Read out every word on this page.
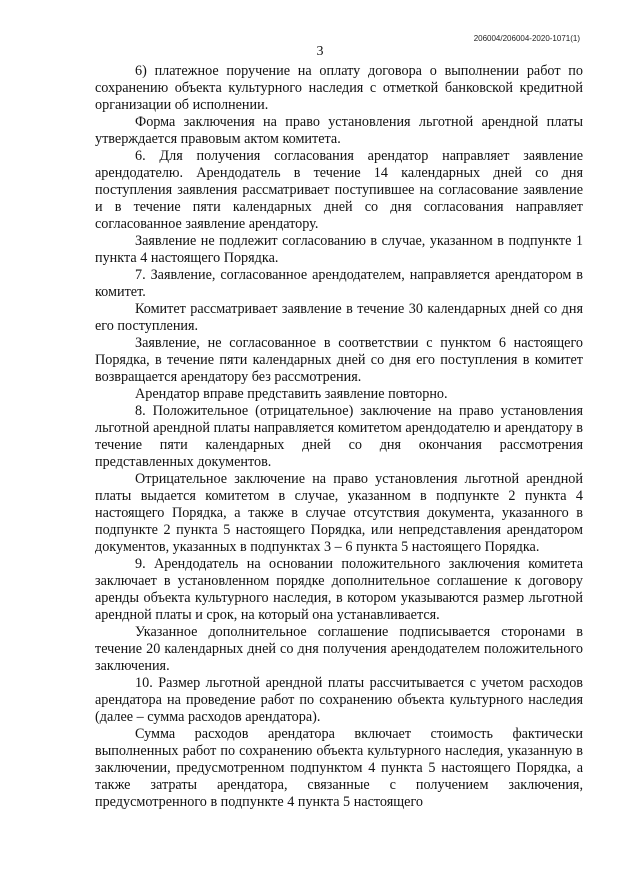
206004/206004-2020-1071(1)
3

6) платежное поручение на оплату договора о выполнении работ по сохранению объекта культурного наследия с отметкой банковской кредитной организации об исполнении.

Форма заключения на право установления льготной арендной платы утверждается правовым актом комитета.

6. Для получения согласования арендатор направляет заявление арендодателю. Арендодатель в течение 14 календарных дней со дня поступления заявления рассматривает поступившее на согласование заявление и в течение пяти календарных дней со дня согласования направляет согласованное заявление арендатору.

Заявление не подлежит согласованию в случае, указанном в подпункте 1 пункта 4 настоящего Порядка.

7. Заявление, согласованное арендодателем, направляется арендатором в комитет.

Комитет рассматривает заявление в течение 30 календарных дней со дня его поступления.

Заявление, не согласованное в соответствии с пунктом 6 настоящего Порядка, в течение пяти календарных дней со дня его поступления в комитет возвращается арендатору без рассмотрения.

Арендатор вправе представить заявление повторно.

8. Положительное (отрицательное) заключение на право установления льготной арендной платы направляется комитетом арендодателю и арендатору в течение пяти календарных дней со дня окончания рассмотрения представленных документов.

Отрицательное заключение на право установления льготной арендной платы выдается комитетом в случае, указанном в подпункте 2 пункта 4 настоящего Порядка, а также в случае отсутствия документа, указанного в подпункте 2 пункта 5 настоящего Порядка, или непредставления арендатором документов, указанных в подпунктах 3 – 6 пункта 5 настоящего Порядка.

9. Арендодатель на основании положительного заключения комитета заключает в установленном порядке дополнительное соглашение к договору аренды объекта культурного наследия, в котором указываются размер льготной арендной платы и срок, на который она устанавливается.

Указанное дополнительное соглашение подписывается сторонами в течение 20 календарных дней со дня получения арендодателем положительного заключения.

10. Размер льготной арендной платы рассчитывается с учетом расходов арендатора на проведение работ по сохранению объекта культурного наследия (далее – сумма расходов арендатора).

Сумма расходов арендатора включает стоимость фактически выполненных работ по сохранению объекта культурного наследия, указанную в заключении, предусмотренном подпунктом 4 пункта 5 настоящего Порядка, а также затраты арендатора, связанные с получением заключения, предусмотренного в подпункте 4 пункта 5 настоящего
